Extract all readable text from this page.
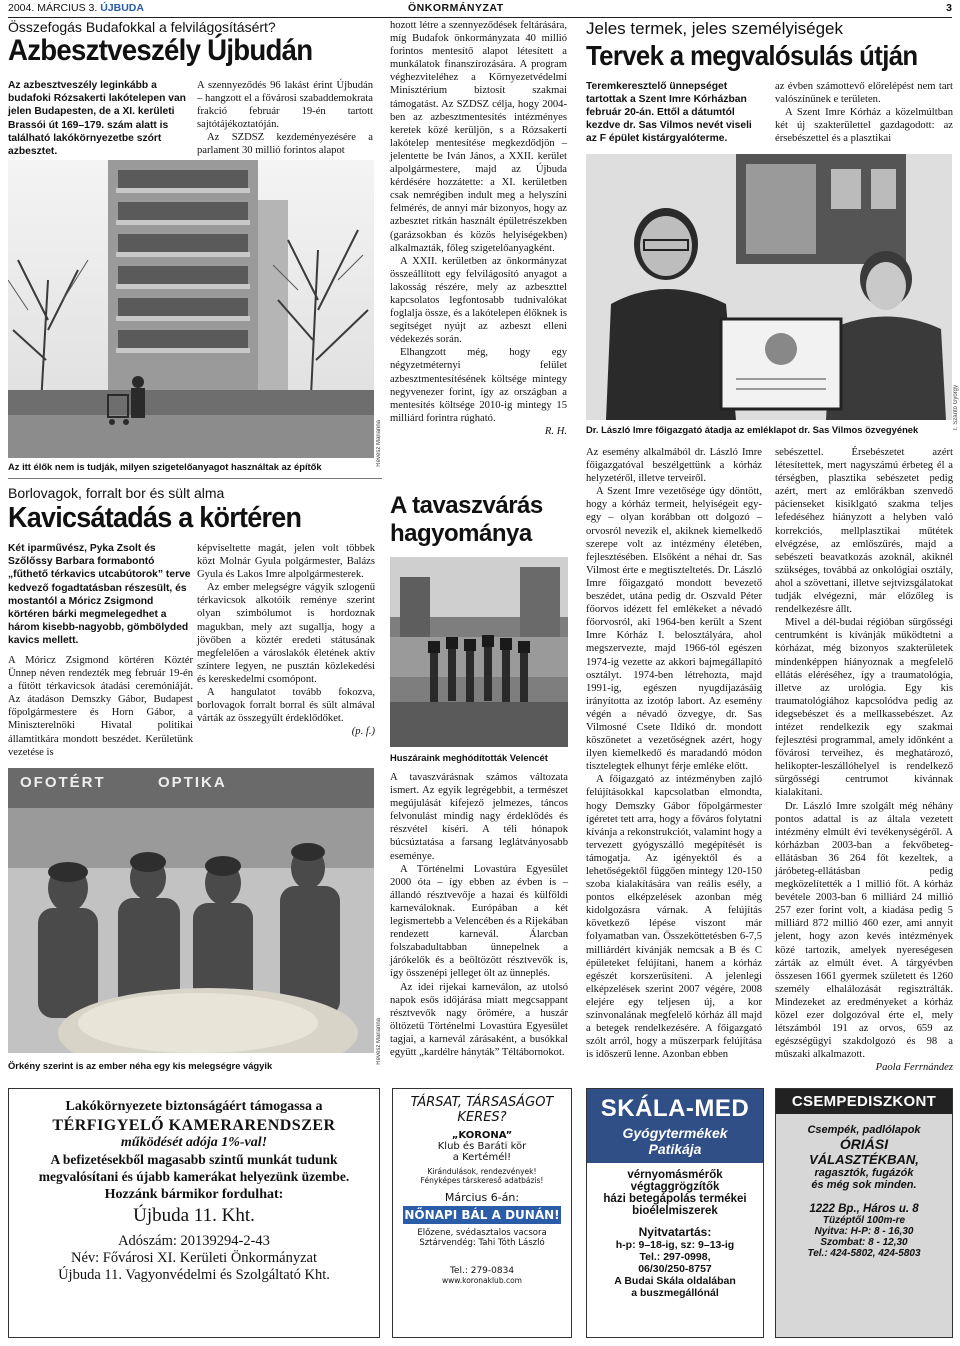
2004. MÁRCIUS 3. ÚJBUDA	ÖNKORMÁNYZAT	3
Összefogás Budafokkal a felvilágosításért?
Azbesztveszély Újbudán
Az azbesztveszély leginkább a budafoki Rózsakerti lakótelepen van jelen Budapesten, de a XI. kerületi Brassói út 169–179. szám alatt is található lakókörnyezetbe szórt azbesztet.

A szennyeződés 96 lakást érint Újbudán – hangzott el a fővárosi szabaddemokrata frakció február 19-én tartott sajtótájékoztatóján.

Az SZDSZ kezdeményezésére a parlament 30 millió forintos alapot

hozott létre a szennyeződések feltárására, míg Budafok önkormányzata 40 millió forintos mentesítő alapot létesített a munkálatok finanszírozására. A program véghezviteléhez a Környezetvédelmi Minisztérium biztosít szakmai támogatást. Az SZDSZ célja, hogy 2004-ben az azbesztmentesítés intézményes keretek közé kerüljön, s a Rózsakerti lakótelep mentesítése megkezdődjön – jelentette be Iván János, a XXII. kerület alpolgármestere, majd az Újbuda kérdésére hozzátette: a XI. kerületben csak nemrégiben indult meg a helyszíni felmérés, de annyi már bizonyos, hogy az azbesztet ritkán használt épületrészekben (garázsokban és közös helyiségekben) alkalmazták, főleg szigetelőanyagként.

A XXII. kerületben az önkormányzat összeállított egy felvilágosító anyagot a lakosság részére, mely az azbeszttel kapcsolatos legfontosabb tudnivalókat foglalja össze, és a lakótelepen élőknek is segítséget nyújt az azbeszt elleni védekezés során.

Elhangzott még, hogy egy négyzetméternyi felület azbesztmentesítésének költsége mintegy negyvenezer forint, így az országban a mentesítés költsége 2010-ig mintegy 15 milliárd forintra rúgható.

R. H.
Révész Marianna
Az itt élők nem is tudják, milyen szigetelőanyagot használtak az építők
Borlovagok, forralt bor és sült alma
Kavicsátadás a körtéren
Két iparművész, Pyka Zsolt és Szőlőssy Barbara formabontó „fűthető térkavics utcabútorok” terve kedvező fogadtatásban részesült, és mostantól a Móricz Zsigmond körtéren bárki megmelegedhet a három kisebb-nagyobb, gömbölyded kavics mellett.

A Móricz Zsigmond körtéren Köztér Ünnep néven rendezték meg február 19-én a fűtött térkavicsok átadási ceremóniáját. Az átadáson Demszky Gábor, Budapest főpolgármestere és Horn Gábor, a Miniszterelnöki Hivatal politikai államtitkára mondott beszédet. Kerületünk vezetése is

képviseltette magát, jelen volt többek közt Molnár Gyula polgármester, Balázs Gyula és Lakos Imre alpolgármesterek.

Az ember melegségre vágyik szlogenű térkavicsok alkotóik reménye szerint olyan szimbólumot is hordoznak magukban, mely azt sugallja, hogy a jövőben a köztér eredeti státusának megfelelően a városlakók életének aktív színtere legyen, ne pusztán közlekedési és kereskedelmi csomópont.

A hangulatot tovább fokozva, borlovagok forralt borral és sült almával várták az összegyűlt érdeklődőket.

(p. f.)
OFOTÉRT	OPTIKA
Révész Marianna
Örkény szerint is az ember néha egy kis melegségre vágyik
A tavaszvárás hagyománya
Huszáraink meghódították Velencét

A tavaszvárásnak számos változata ismert. Az egyik legrégebbit, a természet megújulását kifejező jelmezes, táncos felvonulást mindig nagy érdeklődés és részvétel kíséri. A téli hónapok búcsúztatása a farsang leglátványosabb eseménye.

A Történelmi Lovastúra Egyesület 2000 óta – így ebben az évben is – állandó résztvevője a hazai és külföldi karneváloknak. Európában a két legismertebb a Velencében és a Rijekában rendezett karnevál. Álarcban folszabadultabban ünnepelnek a járókelők és a beöltözött résztvevők is, így összenépi jelleget ölt az ünneplés.

Az idei rijekai karneválon, az utolsó napok esős időjárása miatt megcsappant résztvevők nagy örömére, a huszár öltözetű Történelmi Lovastúra Egyesület tagjai, a karnevál zárásaként, a busókkal együtt „kardélre hányták” Téltábornokot.

Jeles termek, jeles személyiségek
Tervek a megvalósulás útján
Teremkeresztelő ünnepséget tartottak a Szent Imre Kórházban február 20-án. Ettől a dátumtól kezdve dr. Sas Vilmos nevét viseli az F épület kistárgyalóterme.

az évben számottevő előrelépést nem tart valószínűnek e területen.

A Szent Imre Kórház a közelmúltban két új szakterülettel gazdagodott: az érsebészettel és a plasztikai

T. Szántó György
Dr. László Imre főigazgató átadja az emléklapot dr. Sas Vilmos özvegyének

Az esemény alkalmából dr. László Imre főigazgatóval beszélgettünk a kórház helyzetéről, illetve terveiről.

A Szent Imre vezetősége úgy döntött, hogy a kórház termeit, helyiségeit egy-egy – olyan korábban ott dolgozó – orvosról nevezik el, akiknek kiemelkedő szerepe volt az intézmény életében, fejlesztésében. Elsőként a néhai dr. Sas Vilmost érte e megtiszteltetés. Dr. László Imre főigazgató mondott bevezető beszédet, utána pedig dr. Oszvald Péter főorvos idézett fel emlékeket a névadó főorvosról, aki 1964-ben került a Szent Imre Kórház I. belosztályára, ahol megszervezte, majd 1966-tól egészen 1974-ig vezette az akkori bajmegállapító osztályt. 1974-ben létrehozta, majd 1991-ig, egészen nyugdíjazásáig irányította az izotóp labort. Az esemény végén a névadó özvegye, dr. Sas Vilmosné Csete Ildikó dr. mondott köszönetet a vezetőségnek azért, hogy ilyen kiemelkedő és maradandó módon tisztelegtek elhunyt férje emléke előtt.

A főigazgató az intézményben zajló felújításokkal kapcsolatban elmondta, hogy Demszky Gábor főpolgármester ígéretet tett arra, hogy a főváros folytatni kívánja a rekonstrukciót, valamint hogy a tervezett gyógyszálló megépítését is támogatja. Az igényektől és a lehetőségektől függően mintegy 120-150 szoba kialakítására van reális esély, a pontos elképzelések azonban még kidolgozásra várnak. A felújítás következő lépése viszont már folyamatban van. Összeköttetésben 6-7,5 milliárdért kívánják nemcsak a B és C épületeket felújítani, hanem a kórház egészét korszerűsíteni. A jelenlegi elképzelések szerint 2007 végére, 2008 elejére egy teljesen új, a kor színvonalának megfelelő kórház áll majd a betegek rendelkezésére. A főigazgató szólt arról, hogy a műszerpark felújítása is időszerű lenne. Azonban ebben

sebészettel. Érsebészetet azért létesítettek, mert nagyszámú érbeteg él a térségben, plasztika sebészetet pedig azért, mert az emlőrákban szenvedő pácienseket kisiklgató szakma teljes lefedéséhez hiányzott a helyben való korrekciós, mellplasztikai műtétek elvégzése, az emlőszűrés, majd a sebészeti beavatkozás azoknál, akiknél szükséges, továbbá az onkológiai osztály, ahol a szövettani, illetve sejtvizsgálatokat tudják elvégezni, már előzőleg is rendelkezésre állt.

Mivel a dél-budai régióban sürgősségi centrumként is kívánják működtetni a kórházat, még bizonyos szakterületek mindenképpen hiányoznak a megfelelő ellátás eléréséhez, így a traumatológia, illetve az urológia. Egy kis traumatológiához kapcsolódva pedig az idegsebészet és a mellkassebészet. Az intézet rendelkezik egy szakmai fejlesztési programmal, amely időnként a fővárosi terveihez, és meghatározó, helikopter-leszállóhelyel is rendelkező sürgősségi centrumot kívánnak kialakítani.

Dr. László Imre szolgált még néhány pontos adattal is az általa vezetett intézmény elmúlt évi tevékenységéről. A kórházban 2003-ban a fekvőbeteg-ellátásban 36 264 főt kezeltek, a járóbeteg-ellátásban pedig megközelítették a 1 millió főt. A kórház bevétele 2003-ban 6 milliárd 24 millió 257 ezer forint volt, a kiadása pedig 5 milliárd 872 millió 460 ezer, ami annyit jelent, hogy azon kevés intézmények közé tartozik, amelyek nyereségesen zárták az elmúlt évet. A tárgyévben összesen 1661 gyermek született és 1260 személy elhalálozását regisztrálták. Mindezeket az eredményeket a kórház közel ezer dolgozóval érte el, mely létszámból 191 az orvos, 659 az egészségügyi szakdolgozó és 98 a műszaki alkalmazott.

Paola Ferrnández
Lakókörnyezete biztonságáért támogassa a
TÉRFIGYELŐ KAMERARENDSZER
működését adója 1%-val!
A befizetésekből magasabb szintű munkát tudunk megvalósítani és újabb kamerákat helyezünk üzembe.
Hozzánk bármikor fordulhat:
Újbuda 11. Kht.
Adószám: 20139294-2-43
Név: Fővárosi XI. Kerületi Önkormányzat
Újbuda 11. Vagyonvédelmi és Szolgáltató Kht.
TÁRSAT, TÁRSASÁGOT KERES?
„KORONA”
Klub és Baráti kör
a Kertémél!
Kirándulások, rendezvények!
Fényképes társkereső adatbázis!
Március 6-án:
NŐNAPI BÁL A DUNÁN!
Előzene, svédasztalos vacsora
Sztárvendég: Tahi Tóth László
Tel.: 279-0834
www.koronaklub.com
SKÁLA-MED
Gyógytermékek
Patikája
vérnyomásmérők
végtaggrögzítők
házi betegápolás termékei
bioélelmiszerek
Nyitvatartás:
h-p: 9–18-ig, sz: 9–13-ig
Tel.: 297-0998,
06/30/250-8757
A Budai Skála oldalában
a buszmegállónál
CSEMPEDISZKONT
Csempék, padlólapok
ÓRIÁSI
VÁLASZTÉKBAN,
ragasztók, fugázók
és még sok minden.
1222 Bp., Háros u. 8
Tüzéptől 100m-re
Nyitva: H-P: 8 - 16,30
Szombat: 8 - 12,30
Tel.: 424-5802, 424-5803
